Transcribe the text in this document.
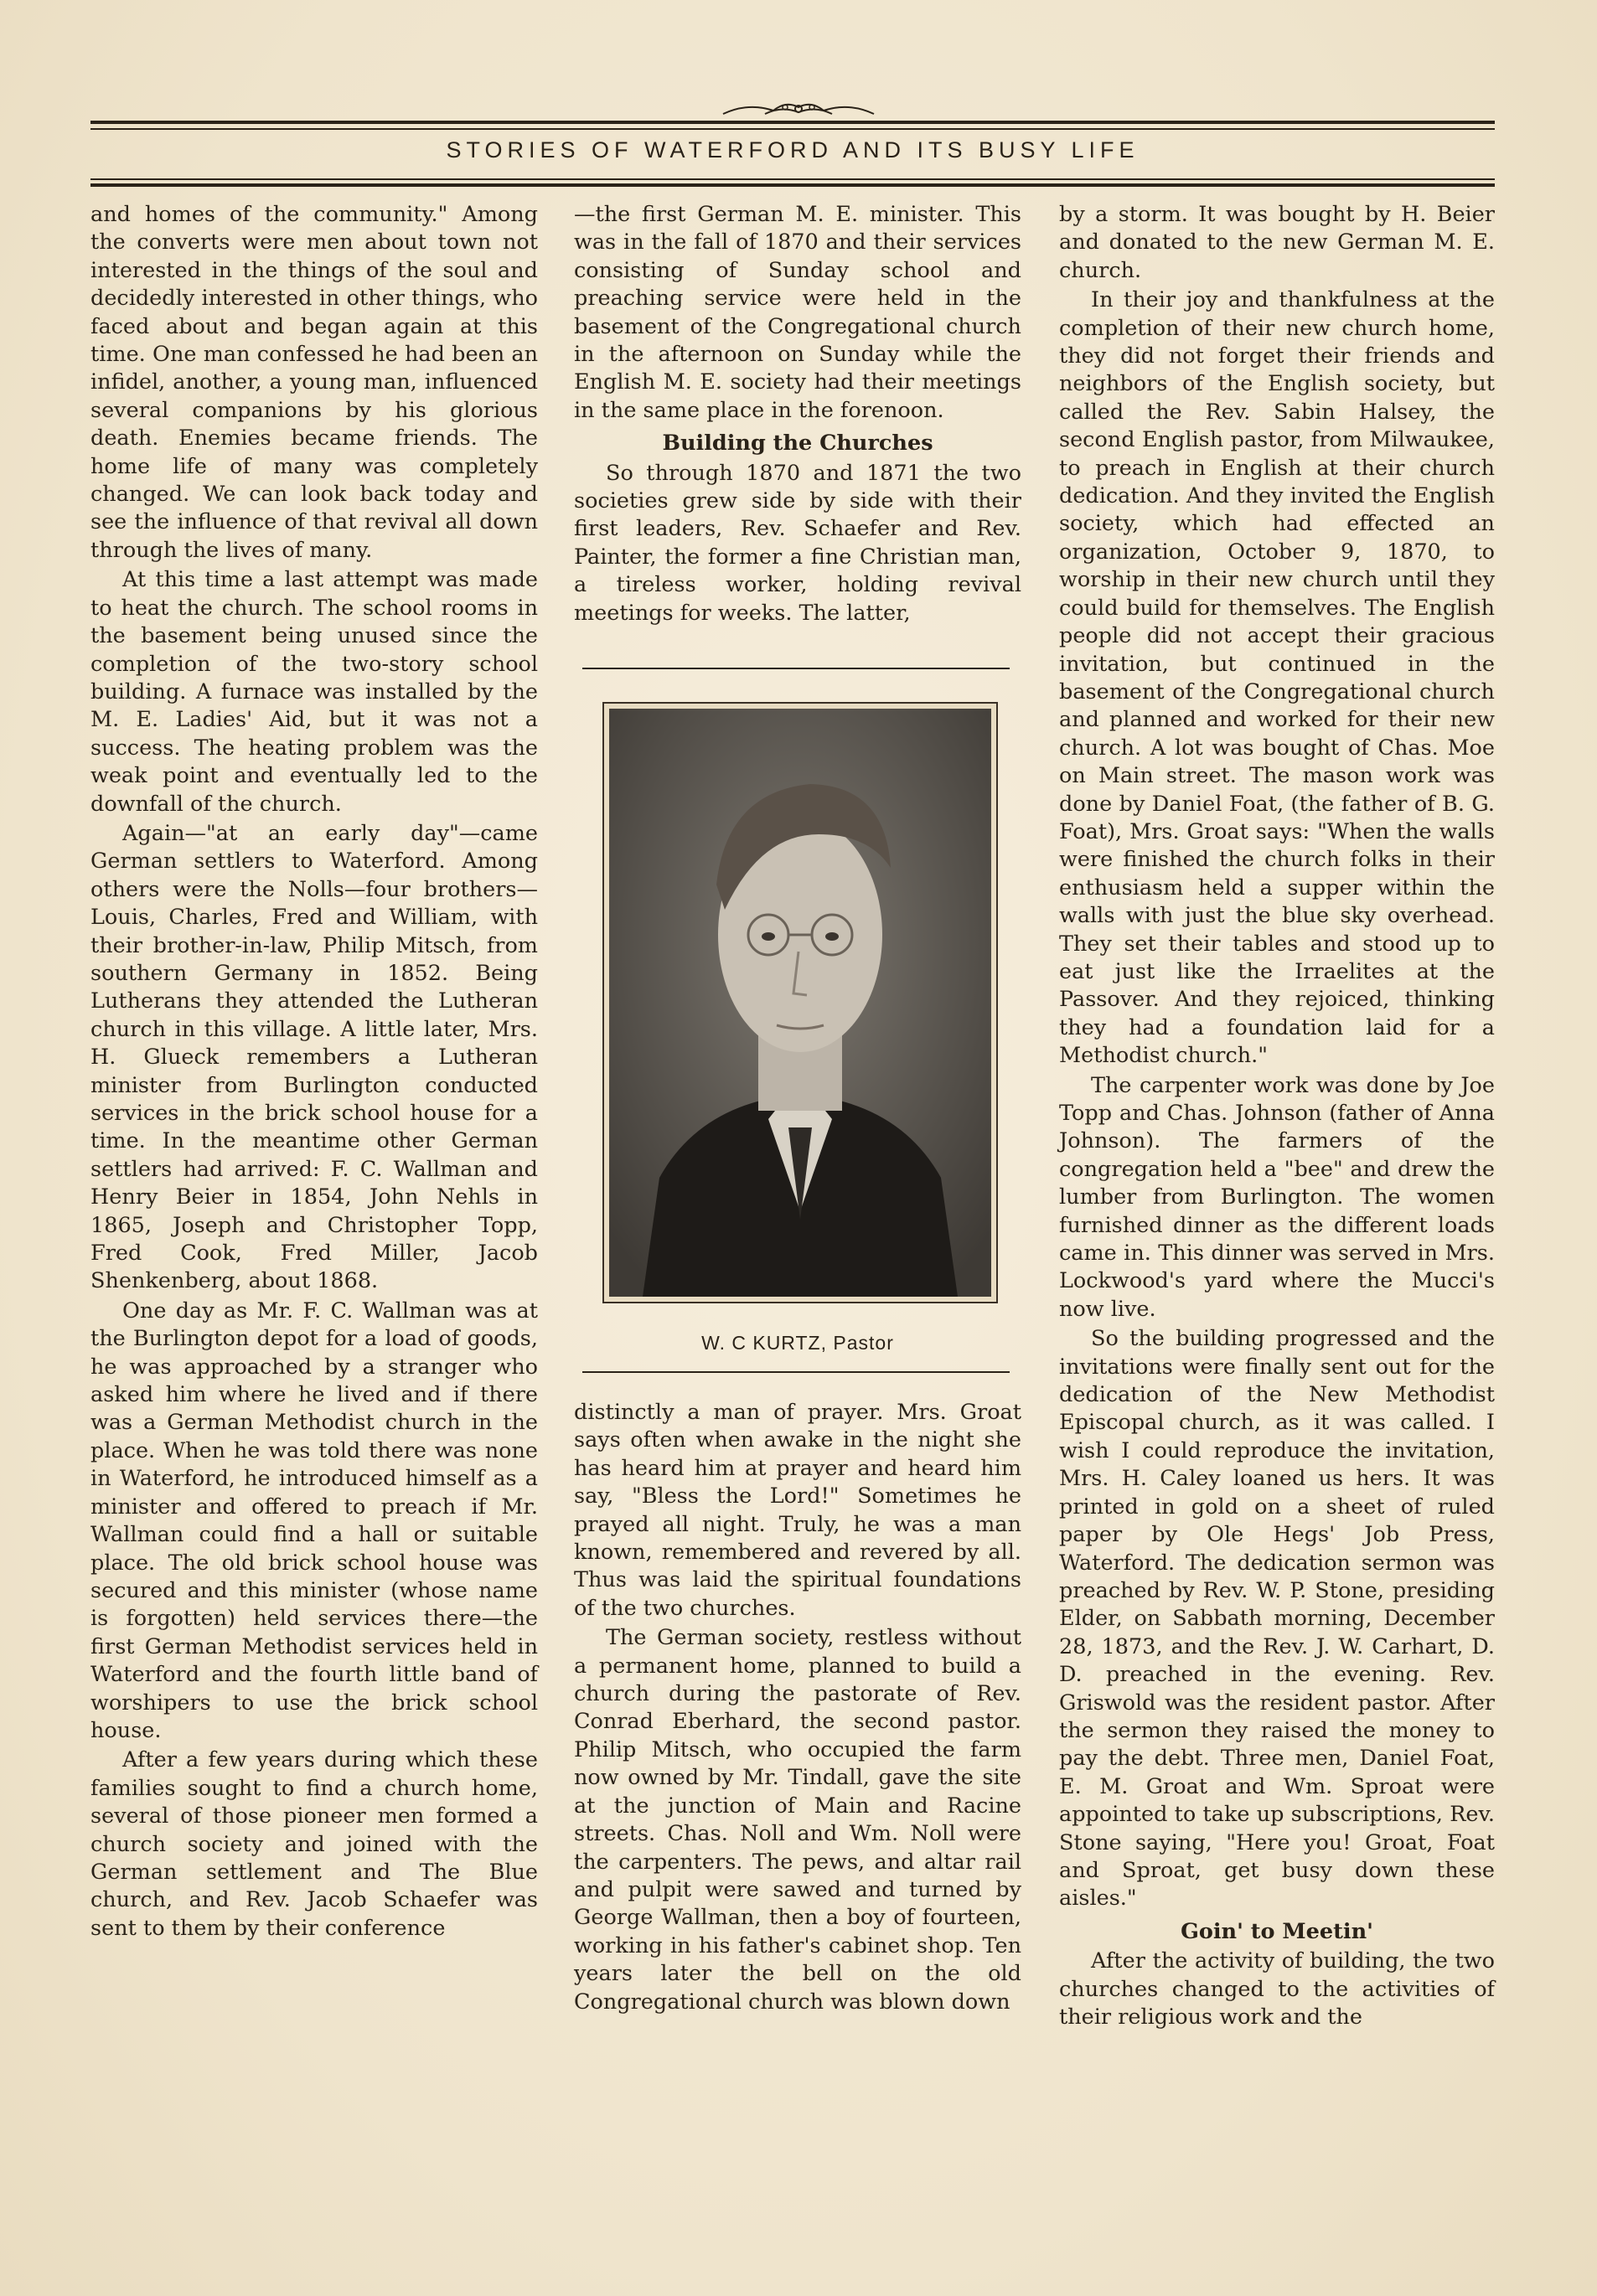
STORIES OF WATERFORD AND ITS BUSY LIFE

and homes of the community." Among the converts were men about town not interested in the things of the soul and decidedly interested in other things, who faced about and began again at this time. One man confessed he had been an infidel, another, a young man, influenced several companions by his glorious death. Enemies became friends. The home life of many was completely changed. We can look back today and see the influence of that revival all down through the lives of many.

At this time a last attempt was made to heat the church. The school rooms in the basement being unused since the completion of the two-story school building. A furnace was installed by the M. E. Ladies' Aid, but it was not a success. The heating problem was the weak point and eventually led to the downfall of the church.

Again—"at an early day"—came German settlers to Waterford. Among others were the Nolls—four brothers—Louis, Charles, Fred and William, with their brother-in-law, Philip Mitsch, from southern Germany in 1852. Being Lutherans they attended the Lutheran church in this village. A little later, Mrs. H. Glueck remembers a Lutheran minister from Burlington conducted services in the brick school house for a time. In the meantime other German settlers had arrived: F. C. Wallman and Henry Beier in 1854, John Nehls in 1865, Joseph and Christopher Topp, Fred Cook, Fred Miller, Jacob Shenkenberg, about 1868.

One day as Mr. F. C. Wallman was at the Burlington depot for a load of goods, he was approached by a stranger who asked him where he lived and if there was a German Methodist church in the place. When he was told there was none in Waterford, he introduced himself as a minister and offered to preach if Mr. Wallman could find a hall or suitable place. The old brick school house was secured and this minister (whose name is forgotten) held services there—the first German Methodist services held in Waterford and the fourth little band of worshipers to use the brick school house.

After a few years during which these families sought to find a church home, several of those pioneer men formed a church society and joined with the German settlement and The Blue church, and Rev. Jacob Schaefer was sent to them by their conference

—the first German M. E. minister. This was in the fall of 1870 and their services consisting of Sunday school and preaching service were held in the basement of the Congregational church in the afternoon on Sunday while the English M. E. society had their meetings in the same place in the forenoon.

Building the Churches

So through 1870 and 1871 the two societies grew side by side with their first leaders, Rev. Schaefer and Rev. Painter, the former a fine Christian man, a tireless worker, holding revival meetings for weeks. The latter,

W. C KURTZ, Pastor

distinctly a man of prayer. Mrs. Groat says often when awake in the night she has heard him at prayer and heard him say, "Bless the Lord!" Sometimes he prayed all night. Truly, he was a man known, remembered and revered by all. Thus was laid the spiritual foundations of the two churches.

The German society, restless without a permanent home, planned to build a church during the pastorate of Rev. Conrad Eberhard, the second pastor. Philip Mitsch, who occupied the farm now owned by Mr. Tindall, gave the site at the junction of Main and Racine streets. Chas. Noll and Wm. Noll were the carpenters. The pews, and altar rail and pulpit were sawed and turned by George Wallman, then a boy of fourteen, working in his father's cabinet shop. Ten years later the bell on the old Congregational church was blown down

by a storm. It was bought by H. Beier and donated to the new German M. E. church.

In their joy and thankfulness at the completion of their new church home, they did not forget their friends and neighbors of the English society, but called the Rev. Sabin Halsey, the second English pastor, from Milwaukee, to preach in English at their church dedication. And they invited the English society, which had effected an organization, October 9, 1870, to worship in their new church until they could build for themselves. The English people did not accept their gracious invitation, but continued in the basement of the Congregational church and planned and worked for their new church. A lot was bought of Chas. Moe on Main street. The mason work was done by Daniel Foat, (the father of B. G. Foat), Mrs. Groat says: "When the walls were finished the church folks in their enthusiasm held a supper within the walls with just the blue sky overhead. They set their tables and stood up to eat just like the Irraelites at the Passover. And they rejoiced, thinking they had a foundation laid for a Methodist church."

The carpenter work was done by Joe Topp and Chas. Johnson (father of Anna Johnson). The farmers of the congregation held a "bee" and drew the lumber from Burlington. The women furnished dinner as the different loads came in. This dinner was served in Mrs. Lockwood's yard where the Mucci's now live.

So the building progressed and the invitations were finally sent out for the dedication of the New Methodist Episcopal church, as it was called. I wish I could reproduce the invitation, Mrs. H. Caley loaned us hers. It was printed in gold on a sheet of ruled paper by Ole Hegs' Job Press, Waterford. The dedication sermon was preached by Rev. W. P. Stone, presiding Elder, on Sabbath morning, December 28, 1873, and the Rev. J. W. Carhart, D. D. preached in the evening. Rev. Griswold was the resident pastor. After the sermon they raised the money to pay the debt. Three men, Daniel Foat, E. M. Groat and Wm. Sproat were appointed to take up subscriptions, Rev. Stone saying, "Here you! Groat, Foat and Sproat, get busy down these aisles."

Goin' to Meetin'

After the activity of building, the two churches changed to the activities of their religious work and the
